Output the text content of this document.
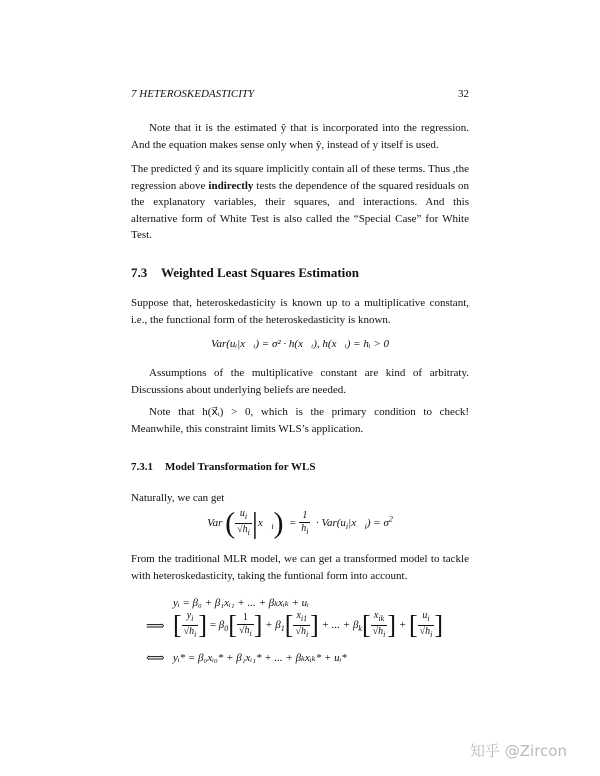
7 HETEROSKEDASTICITY	32

Note that it is the estimated ŷ that is incorporated into the regression. And the equation makes sense only when ŷ, instead of y itself is used.

The predicted ŷ and its square implicitly contain all of these terms. Thus ,the regression above indirectly tests the dependence of the squared residuals on the explanatory variables, their squares, and interactions. And this alternative form of White Test is also called the “Special Case” for White Test.

7.3 Weighted Least Squares Estimation

Suppose that, heteroskedasticity is known up to a multiplicative constant, i.e., the functional form of the heteroskedasticity is known.

Var(uᵢ|x⃗ᵢ) = σ² · h(x⃗ᵢ), h(x⃗ᵢ) = hᵢ > 0

Assumptions of the multiplicative constant are kind of arbitraty. Discussions about underlying beliefs are needed.

Note that h(x⃗ᵢ) > 0, which is the primary condition to check! Meanwhile, this constraint limits WLS’s application.

7.3.1 Model Transformation for WLS

Naturally, we can get

Var ( $\frac{u_i}{√h_i}$ $|x⃗_i) = \frac{1}{h_i}$ · $Var(u_i|x⃗_i) = \sigma^2$

From the traditional MLR model, we can get a transformed model to tackle with heteroskedasticity, taking the funtional form into account.

yᵢ = β₀ + β₁xᵢ₁ + ... + βₖxᵢₖ + uᵢ
⟹ [ $\frac{y_i}{√h_i}$ ] = $\beta_0[ \frac{1}{√h_i}$ ] + $\beta_1[ \frac{x_{i1}}{√h_i}$ ] + ... + $\beta_k[ \frac{x_{ik}}{√h_i}$ ] + [ $\frac{u_i}{√h_i}$ ]
⟺ yᵢ* = β₀xᵢ₀* + β₁xᵢ₁* + ... + βₖxᵢₖ* + uᵢ*
知乎 @Zircon
